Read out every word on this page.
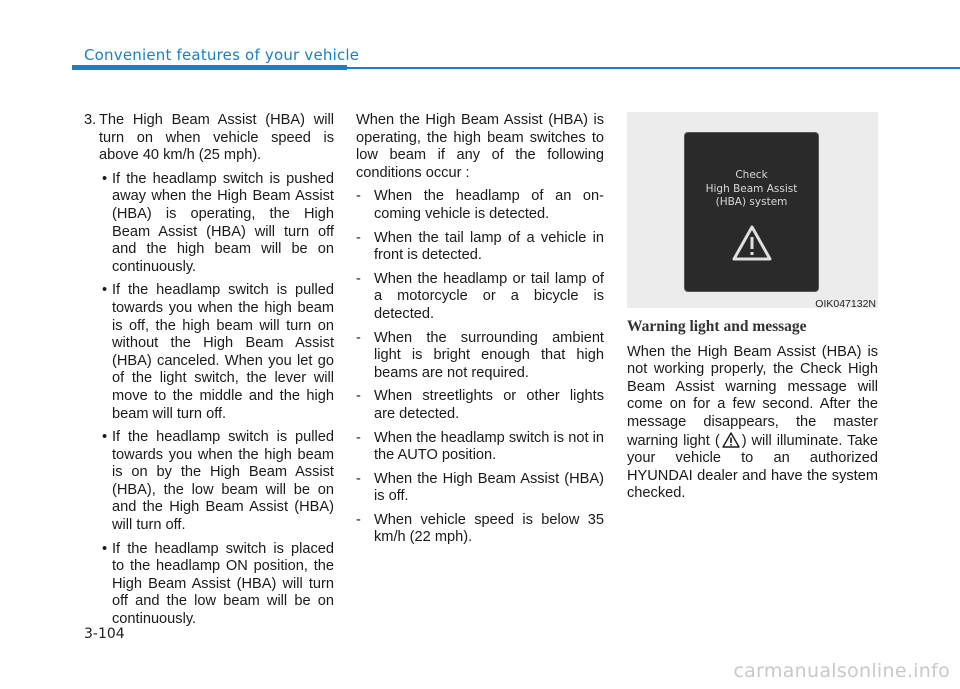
Convenient features of your vehicle
3. The High Beam Assist (HBA) will turn on when vehicle speed is above 40 km/h (25 mph).
• If the headlamp switch is pushed away when the High Beam Assist (HBA) is operating, the High Beam Assist (HBA) will turn off and the high beam will be on continuously.
• If the headlamp switch is pulled towards you when the high beam is off, the high beam will turn on without the High Beam Assist (HBA) canceled. When you let go of the light switch, the lever will move to the middle and the high beam will turn off.
• If the headlamp switch is pulled towards you when the high beam is on by the High Beam Assist (HBA), the low beam will be on and the High Beam Assist (HBA) will turn off.
• If the headlamp switch is placed to the headlamp ON position, the High Beam Assist (HBA) will turn off and the low beam will be on continuously.

When the High Beam Assist (HBA) is operating, the high beam switches to low beam if any of the following conditions occur :

- When the headlamp of an on-coming vehicle is detected.
- When the tail lamp of a vehicle in front is detected.
- When the headlamp or tail lamp of a motorcycle or a bicycle is detected.
- When the surrounding ambient light is bright enough that high beams are not required.
- When streetlights or other lights are detected.
- When the headlamp switch is not in the AUTO position.
- When the High Beam Assist (HBA) is off.
- When vehicle speed is below 35 km/h (22 mph).
Check
High Beam Assist
(HBA) system
OIK047132N
Warning light and message

When the High Beam Assist (HBA) is not working properly, the Check High Beam Assist warning message will come on for a few second. After the message disappears, the master warning light ( ) will illuminate. Take your vehicle to an authorized HYUNDAI dealer and have the system checked.

3-104
carmanualsonline.info
